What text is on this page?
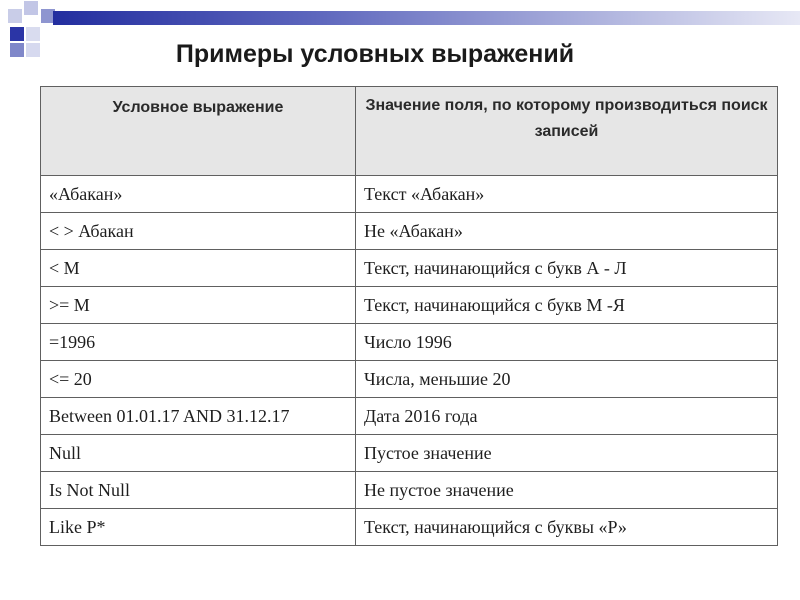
Примеры условных выражений
Условное выражение	Значение поля, по которому производиться поиск записей
«Абакан»	Текст «Абакан»
< > Абакан	Не «Абакан»
< М	Текст, начинающийся с букв А - Л
>= М	Текст, начинающийся с букв М -Я
=1996	Число 1996
<= 20	Числа, меньшие 20
Between 01.01.17 AND 31.12.17	Дата 2016 года
Null	Пустое значение
Is Not Null	Не пустое значение
Like P*	Текст, начинающийся с буквы «Р»
